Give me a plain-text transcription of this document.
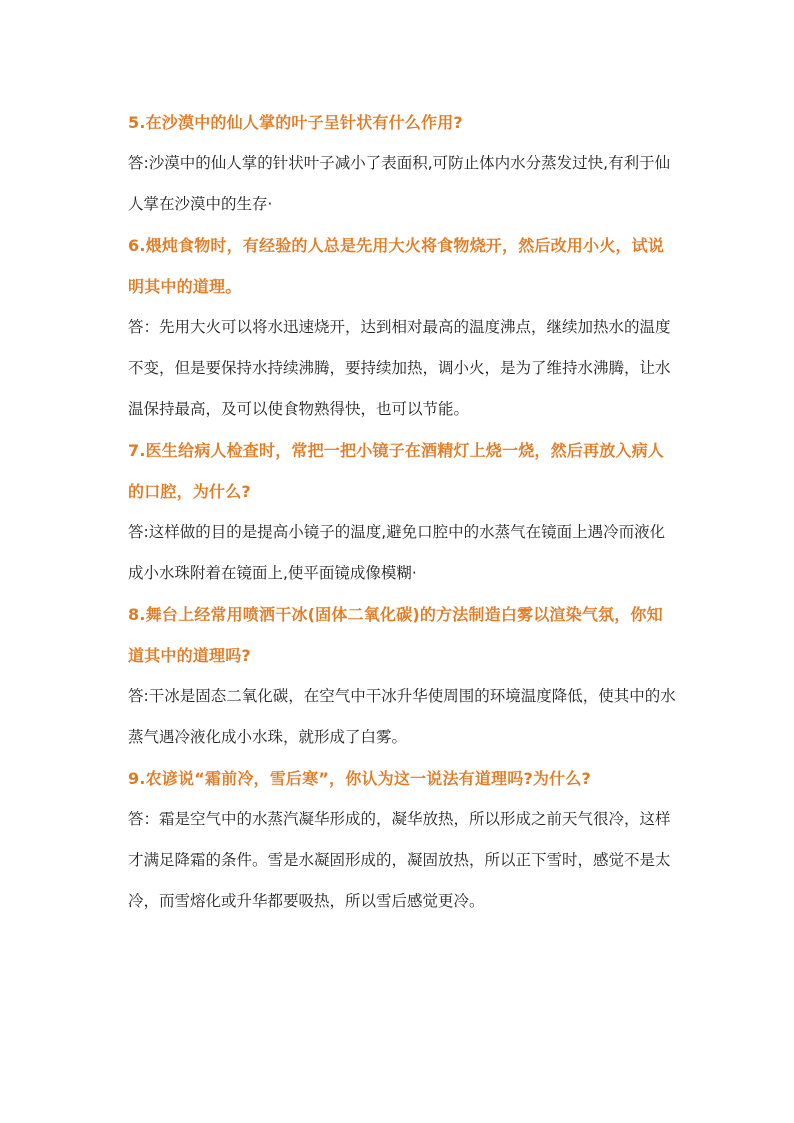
5.在沙漠中的仙人掌的叶子呈针状有什么作用?
答:沙漠中的仙人掌的针状叶子减小了表面积,可防止体内水分蒸发过快,有利于仙人掌在沙漠中的生存·
6.煨炖食物时，有经验的人总是先用大火将食物烧开，然后改用小火，试说明其中的道理。
答：先用大火可以将水迅速烧开，达到相对最高的温度沸点，继续加热水的温度不变，但是要保持水持续沸腾，要持续加热，调小火，是为了维持水沸腾，让水温保持最高，及可以使食物熟得快，也可以节能。
7.医生给病人检查时，常把一把小镜子在酒精灯上烧一烧，然后再放入病人的口腔，为什么?
答:这样做的目的是提高小镜子的温度,避免口腔中的水蒸气在镜面上遇冷而液化成小水珠附着在镜面上,使平面镜成像模糊·
8.舞台上经常用喷洒干冰(固体二氧化碳)的方法制造白雾以渲染气氛，你知道其中的道理吗?
答:干冰是固态二氧化碳，在空气中干冰升华使周围的环境温度降低，使其中的水蒸气遇冷液化成小水珠，就形成了白雾。
9.农谚说“霜前冷，雪后寒”，你认为这一说法有道理吗?为什么?
答：霜是空气中的水蒸汽凝华形成的，凝华放热，所以形成之前天气很冷，这样才满足降霜的条件。雪是水凝固形成的，凝固放热，所以正下雪时，感觉不是太冷，而雪熔化或升华都要吸热，所以雪后感觉更冷。
